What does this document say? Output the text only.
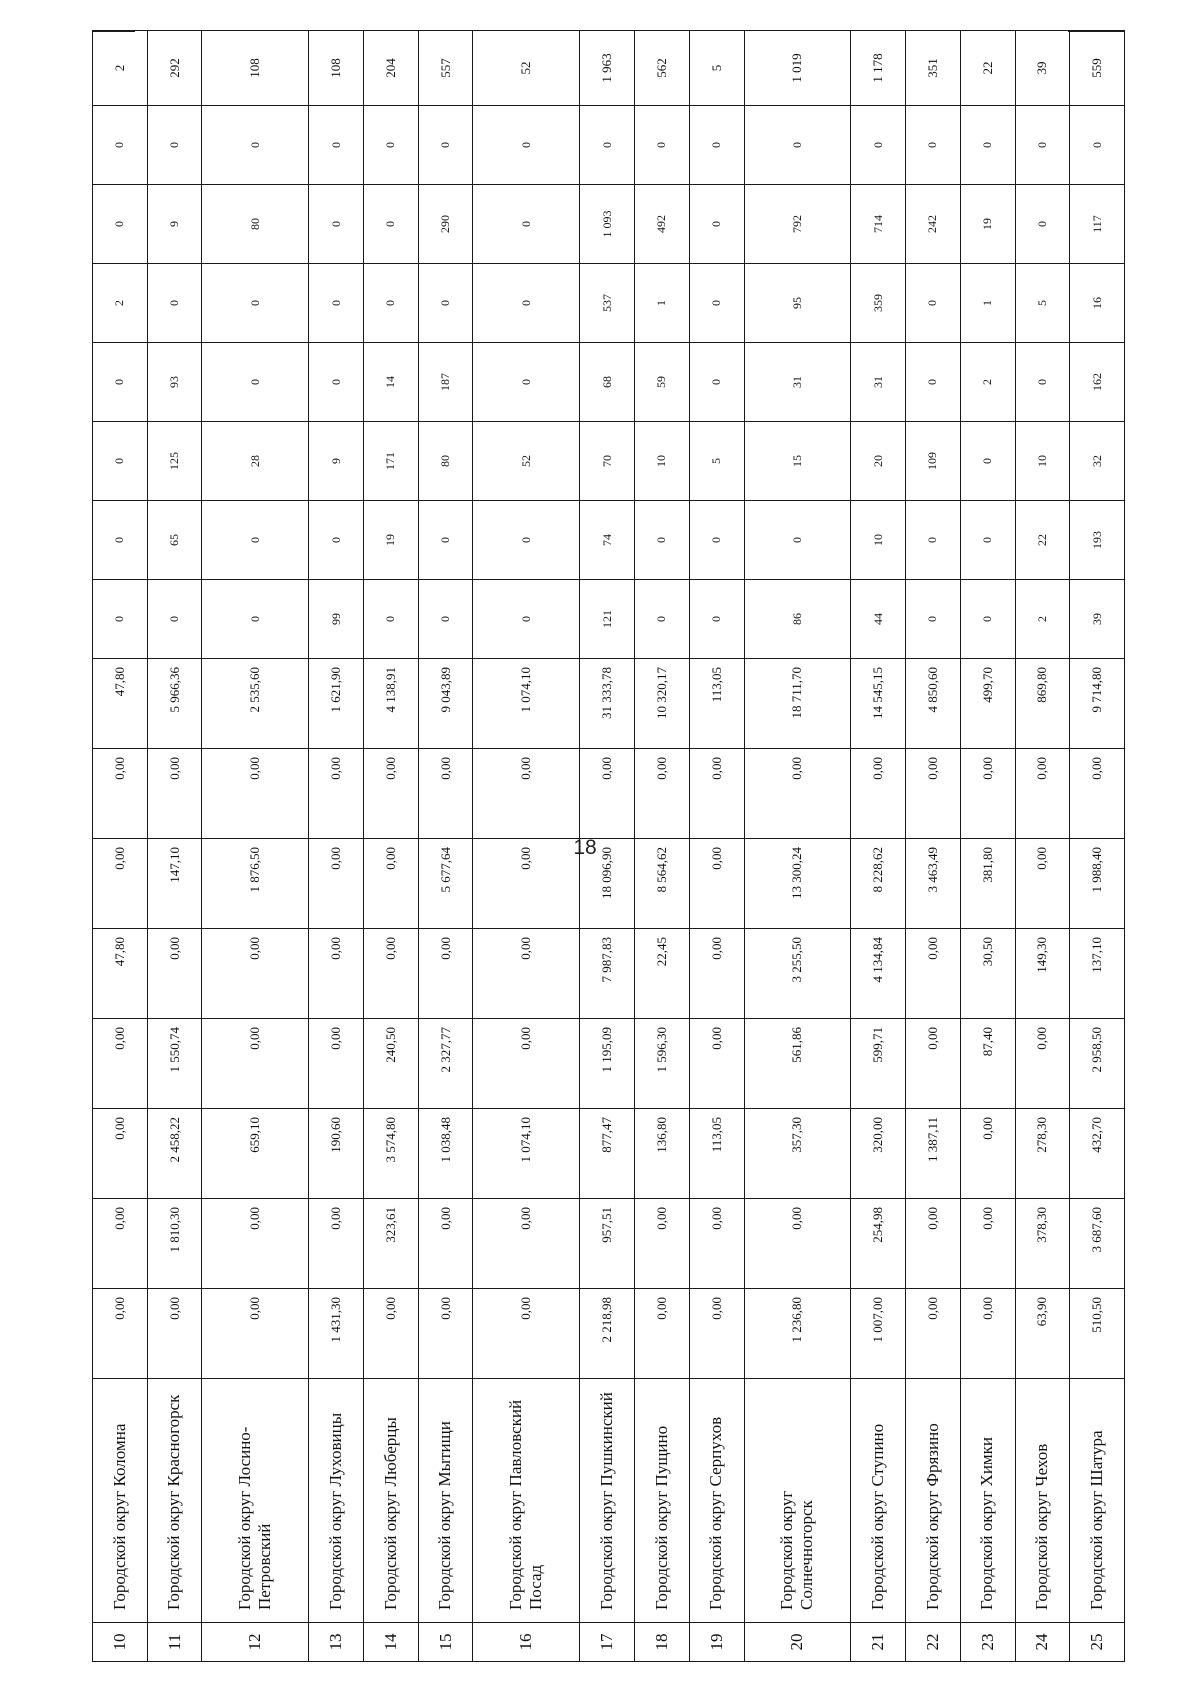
18
10	Городской округ Коломна	0,00	0,00	0,00	0,00	47,80	0,00	0,00	47,80	0	0	0	0	2	0	0	2
11	Городской округ Красногорск	0,00	1 810,30	2 458,22	1 550,74	0,00	147,10	0,00	5 966,36	0	65	125	93	0	9	0	292
12	Городской округ Лосино-Петровский	0,00	0,00	659,10	0,00	0,00	1 876,50	0,00	2 535,60	0	0	28	0	0	80	0	108
13	Городской округ Луховицы	1 431,30	0,00	190,60	0,00	0,00	0,00	0,00	1 621,90	99	0	9	0	0	0	0	108
14	Городской округ Люберцы	0,00	323,61	3 574,80	240,50	0,00	0,00	0,00	4 138,91	0	19	171	14	0	0	0	204
15	Городской округ Мытищи	0,00	0,00	1 038,48	2 327,77	0,00	5 677,64	0,00	9 043,89	0	0	80	187	0	290	0	557
16	Городской округ Павловский Посад	0,00	0,00	1 074,10	0,00	0,00	0,00	0,00	1 074,10	0	0	52	0	0	0	0	52
17	Городской округ Пушкинский	2 218,98	957,51	877,47	1 195,09	7 987,83	18 096,90	0,00	31 333,78	121	74	70	68	537	1 093	0	1 963
18	Городской округ Пущино	0,00	0,00	136,80	1 596,30	22,45	8 564,62	0,00	10 320,17	0	0	10	59	1	492	0	562
19	Городской округ Серпухов	0,00	0,00	113,05	0,00	0,00	0,00	0,00	113,05	0	0	5	0	0	0	0	5
20	Городской округ Солнечногорск	1 236,80	0,00	357,30	561,86	3 255,50	13 300,24	0,00	18 711,70	86	0	15	31	95	792	0	1 019
21	Городской округ Ступино	1 007,00	254,98	320,00	599,71	4 134,84	8 228,62	0,00	14 545,15	44	10	20	31	359	714	0	1 178
22	Городской округ Фрязино	0,00	0,00	1 387,11	0,00	0,00	3 463,49	0,00	4 850,60	0	0	109	0	0	242	0	351
23	Городской округ Химки	0,00	0,00	0,00	87,40	30,50	381,80	0,00	499,70	0	0	0	2	1	19	0	22
24	Городской округ Чехов	63,90	378,30	278,30	0,00	149,30	0,00	0,00	869,80	2	22	10	0	5	0	0	39
25	Городской округ Шатура	510,50	3 687,60	432,70	2 958,50	137,10	1 988,40	0,00	9 714,80	39	193	32	162	16	117	0	559
